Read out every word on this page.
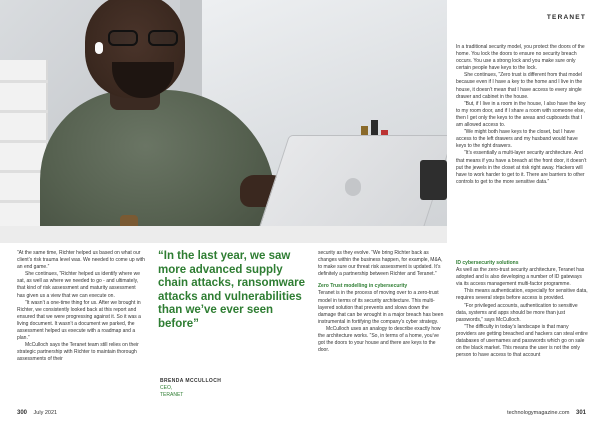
TERANET

In a traditional security model, you protect the doors of the home. You lock the doors to ensure no security breach occurs. You use a strong lock and you make sure only certain people have keys to the lock.

She continues, “Zero trust is different from that model because even if I have a key to the home and I live in the house, it doesn’t mean that I have access to every single drawer and cabinet in the house.

“But, if I live in a room in the house, I also have the key to my room door, and if I share a room with someone else, then I get only the keys to the areas and cupboards that I am allowed access to.

“We might both have keys to the closet, but I have access to the left drawers and my husband would have keys to the right drawers.

“It’s essentially a multi-layer security architecture. And that means if you have a breach at the front door, it doesn’t put the jewels in the closet at risk right away. Hackers will have to work harder to get to it. There are barriers to other controls to get to the more sensitive data.”

“At the same time, Richter helped us based on what our client’s risk trauma level was. We needed to come up with an end game.”

She continues, “Richter helped us identify where we sat, as well as where we needed to go - and ultimately, that kind of risk assessment and maturity assessment has given us a view that we can execute on.

“It wasn’t a one-time thing for us. After we brought in Richter, we consistently looked back at this report and ensured that we were progressing against it. So it was a living document. It wasn’t a document we parked, the assessment helped us execute with a roadmap and a plan.”

McCulloch says the Teranet team still relies on their strategic partnership with Richter to maintain thorough assessments of their

“In the last year, we saw more advanced supply chain attacks, ransomware attacks and vulnerabilities than we’ve ever seen before”
BRENDA MCCULLOCH
CEO,
TERANET

security as they evolve. “We bring Richter back as changes within the business happen, for example, M&A, to make sure our threat risk assessment is updated. It’s definitely a partnership between Richter and Teranet.”

Zero Trust modelling in cybersecurity

Teranet is in the process of moving over to a zero-trust model in terms of its security architecture. This multi-layered solution that prevents and slows down the damage that can be wrought in a major breach has been instrumental in fortifying the company’s cyber strategy.

McCulloch uses an analogy to describe exactly how the architecture works. “So, in terms of a home, you’ve got the doors to your house and there are keys to the door.

ID cybersecurity solutions

As well as the zero-trust security architecture, Teranet has adopted and is also developing a number of ID gateways via its access management multi-factor programme.

This means authentication, especially for sensitive data, requires several steps before access is provided.

“For privileged accounts, authentication to sensitive data, systems and apps should be more than just passwords,” says McCulloch.

“The difficulty in today’s landscape is that many providers are getting breached and hackers can steal entire databases of usernames and passwords which go on sale on the black market. This means the user is not the only person to have access to that account

300 July 2021	technologymagazine.com 301
